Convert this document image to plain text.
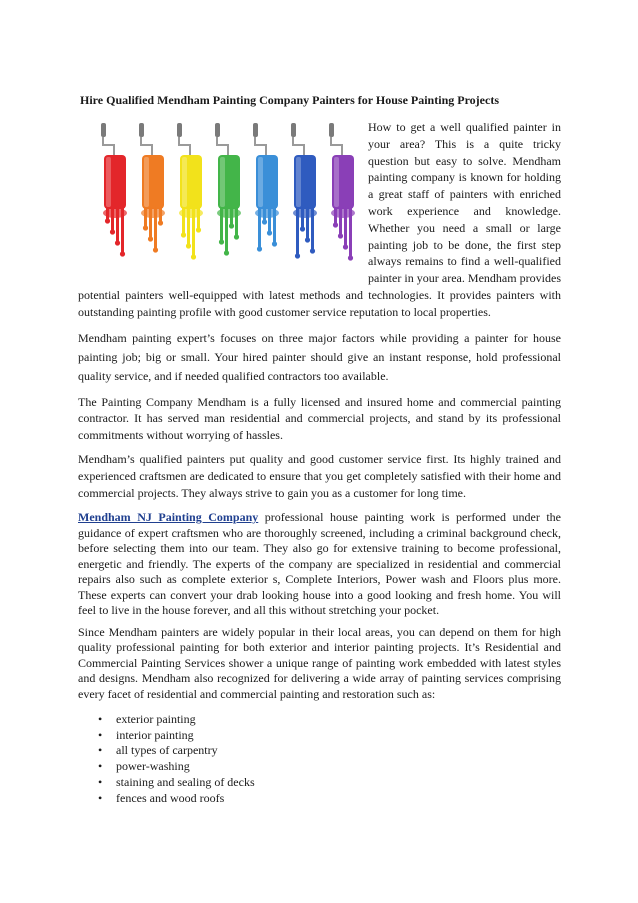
Hire Qualified Mendham Painting Company Painters for House Painting Projects

How to get a well qualified painter in your area? This is a quite tricky question but easy to solve. Mendham painting company is known for holding a great staff of painters with enriched work experience and knowledge. Whether you need a small or large painting job to be done, the first step always remains to find a well-qualified painter in your area. Mendham provides potential painters well-equipped with latest methods and technologies. It provides painters with outstanding painting profile with good customer service reputation to local properties.

Mendham painting expert’s focuses on three major factors while providing a painter for house painting job; big or small. Your hired painter should give an instant response, hold professional quality service, and if needed qualified contractors too available.

The Painting Company Mendham is a fully licensed and insured home and commercial painting contractor. It has served man residential and commercial projects, and stand by its professional commitments without worrying of hassles.

Mendham’s qualified painters put quality and good customer service first. Its highly trained and experienced craftsmen are dedicated to ensure that you get completely satisfied with their home and commercial projects. They always strive to gain you as a customer for long time.

Mendham NJ Painting Company professional house painting work is performed under the guidance of expert craftsmen who are thoroughly screened, including a criminal background check, before selecting them into our team. They also go for extensive training to become professional, energetic and friendly. The experts of the company are specialized in residential and commercial repairs also such as complete exterior s, Complete Interiors, Power wash and Floors plus more. These experts can convert your drab looking house into a good looking and fresh home. You will feel to live in the house forever, and all this without stretching your pocket.

Since Mendham painters are widely popular in their local areas, you can depend on them for high quality professional painting for both exterior and interior painting projects. It’s Residential and Commercial Painting Services shower a unique range of painting work embedded with latest styles and designs. Mendham also recognized for delivering a wide array of painting services comprising every facet of residential and commercial painting and restoration such as:

• exterior painting
• interior painting
• all types of carpentry
• power-washing
• staining and sealing of decks
• fences and wood roofs
